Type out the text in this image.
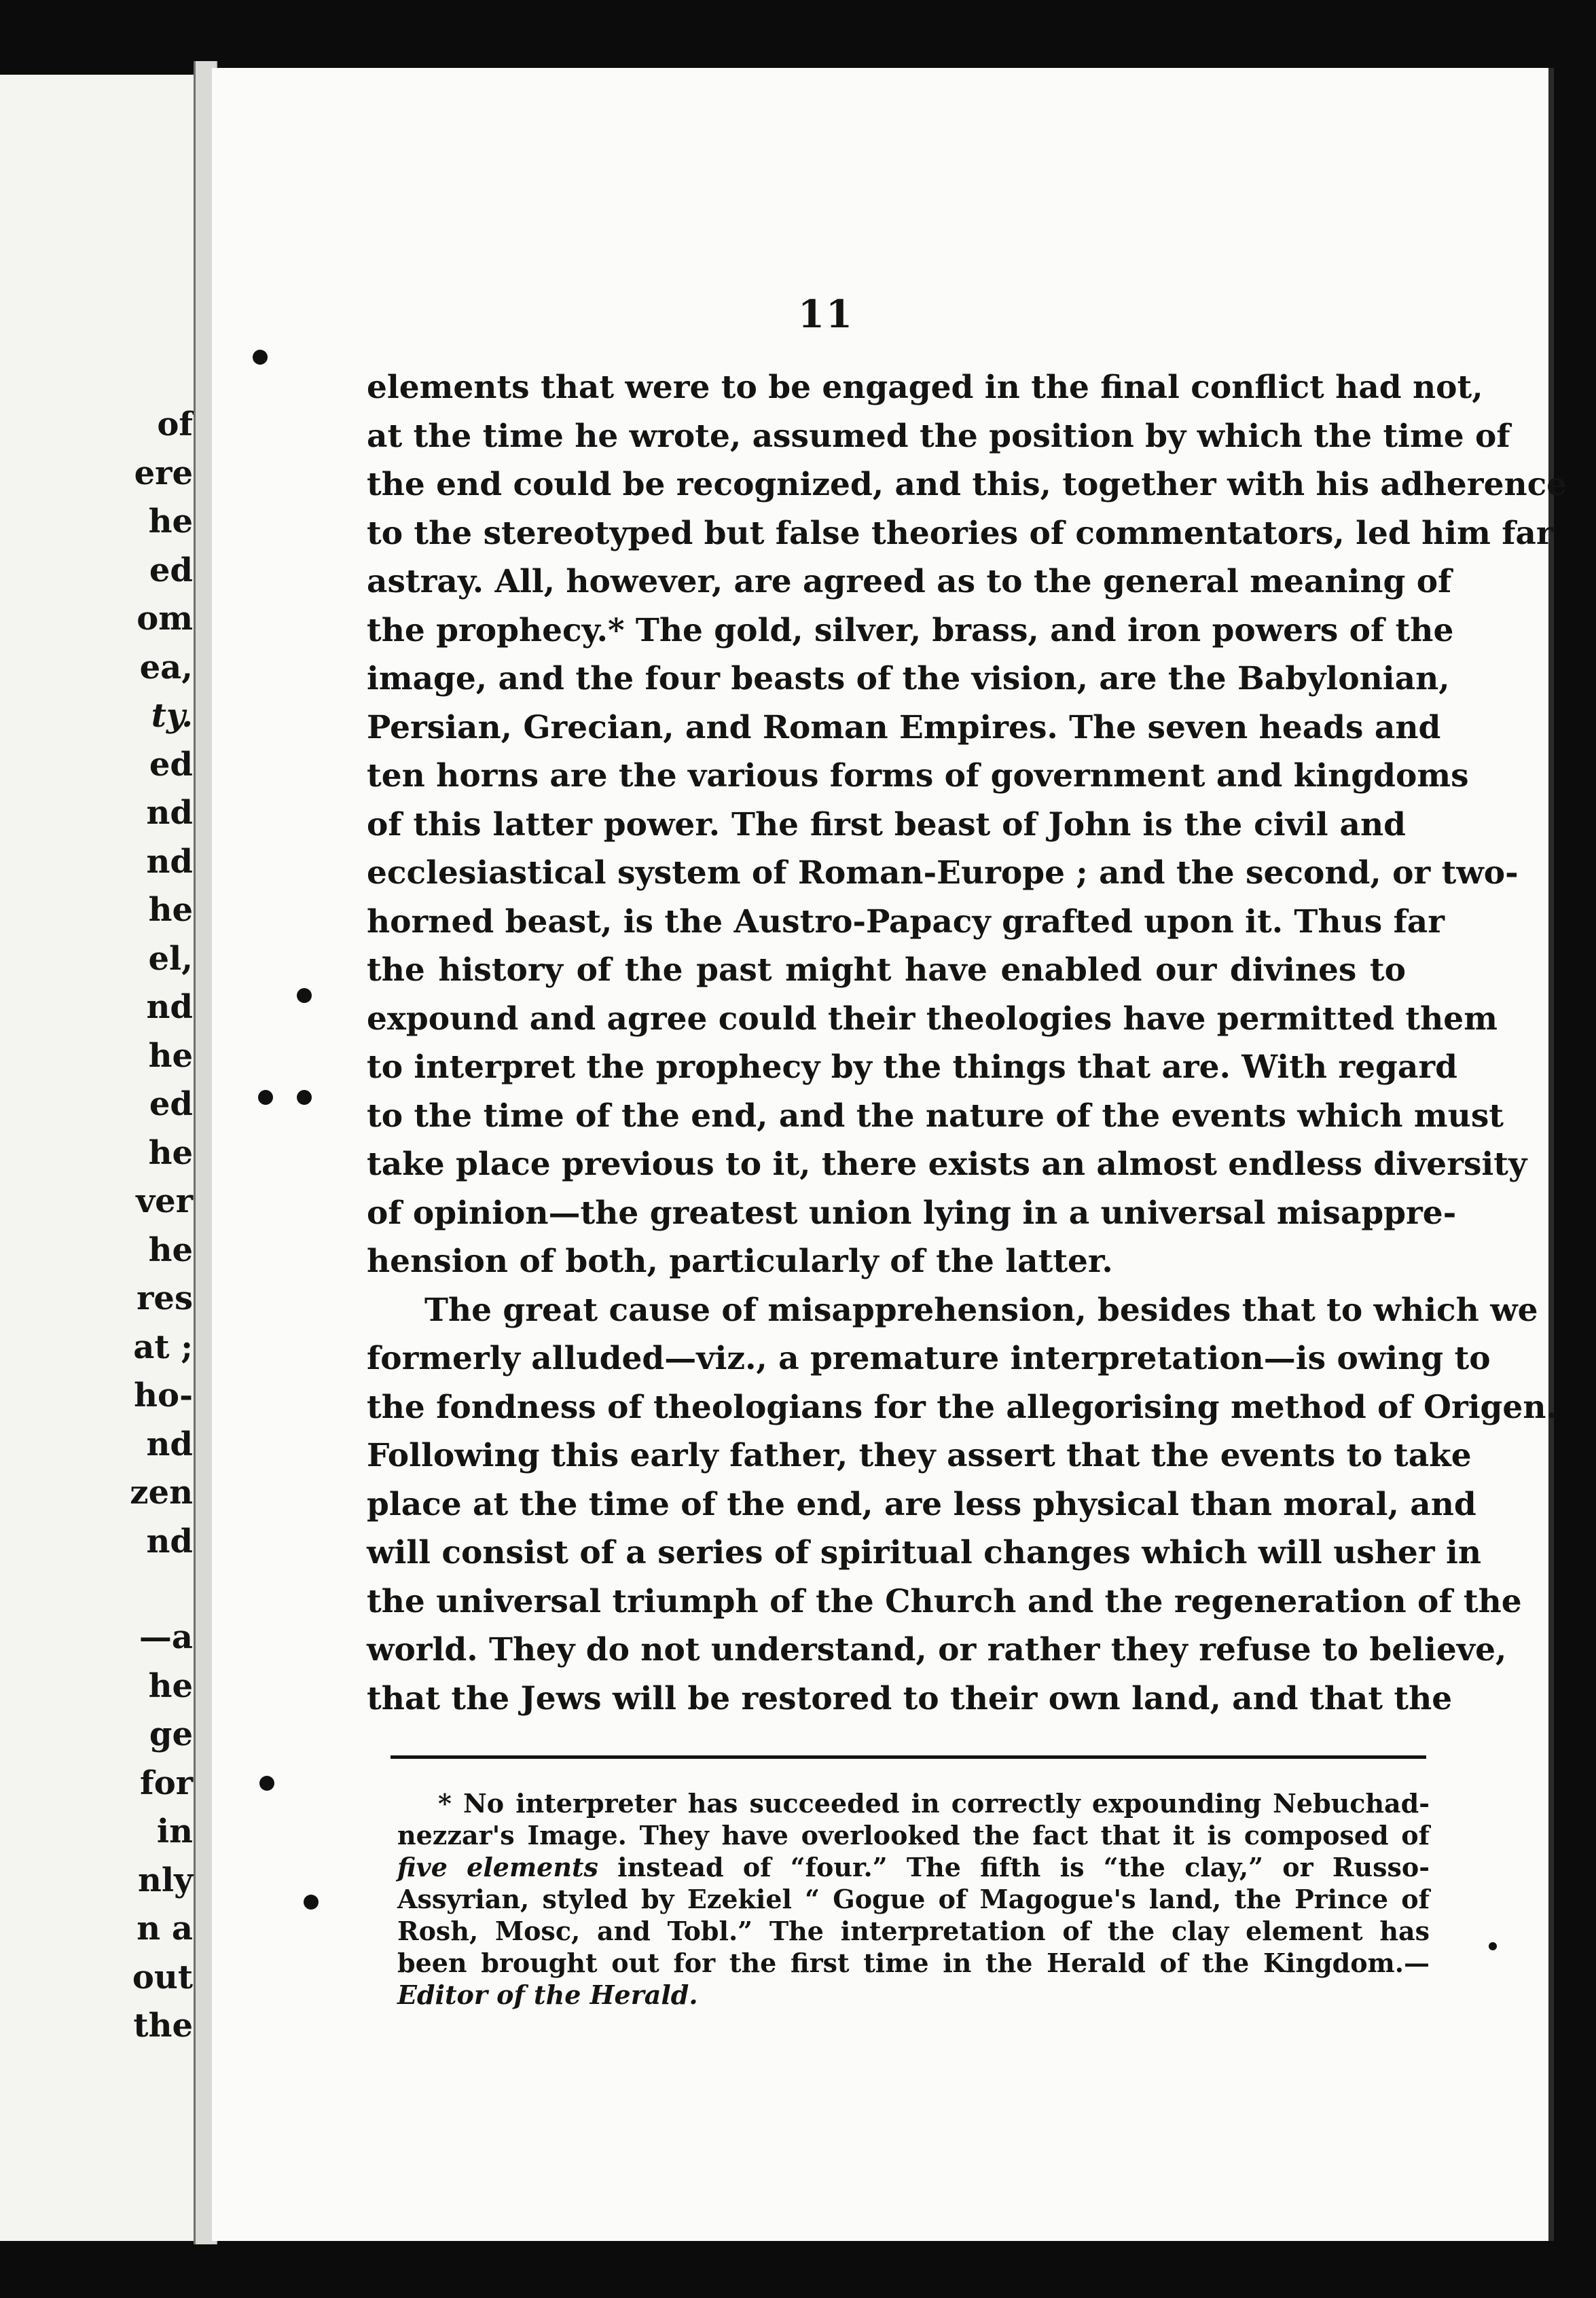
of
ere
he
ed
om
ea,
ty.
ed
nd
nd
he
el,
nd
he
ed
he
ver
he
res
at ;
ho-
nd
zen
nd
—a
he
ge
for
in
nly
n a
out
the
11
elements that were to be engaged in the final conflict had not,
at the time he wrote, assumed the position by which the time of
the end could be recognized, and this, together with his adherence
to the stereotyped but false theories of commentators, led him far
astray. All, however, are agreed as to the general meaning of
the prophecy.* The gold, silver, brass, and iron powers of the
image, and the four beasts of the vision, are the Babylonian,
Persian, Grecian, and Roman Empires. The seven heads and
ten horns are the various forms of government and kingdoms
of this latter power. The first beast of John is the civil and
ecclesiastical system of Roman-Europe ; and the second, or two-
horned beast, is the Austro-Papacy grafted upon it. Thus far
the history of the past might have enabled our divines to
expound and agree could their theologies have permitted them
to interpret the prophecy by the things that are. With regard
to the time of the end, and the nature of the events which must
take place previous to it, there exists an almost endless diversity
of opinion—the greatest union lying in a universal misappre-
hension of both, particularly of the latter.
The great cause of misapprehension, besides that to which we
formerly alluded—viz., a premature interpretation—is owing to
the fondness of theologians for the allegorising method of Origen.
Following this early father, they assert that the events to take
place at the time of the end, are less physical than moral, and
will consist of a series of spiritual changes which will usher in
the universal triumph of the Church and the regeneration of the
world. They do not understand, or rather they refuse to believe,
that the Jews will be restored to their own land, and that the
* No interpreter has succeeded in correctly expounding Nebuchad-
nezzar's Image. They have overlooked the fact that it is composed of
five elements instead of “four.” The fifth is “the clay,” or Russo-
Assyrian, styled by Ezekiel “ Gogue of Magogue's land, the Prince of
Rosh, Mosc, and Tobl.” The interpretation of the clay element has
been brought out for the first time in the Herald of the Kingdom.—
Editor of the Herald.
